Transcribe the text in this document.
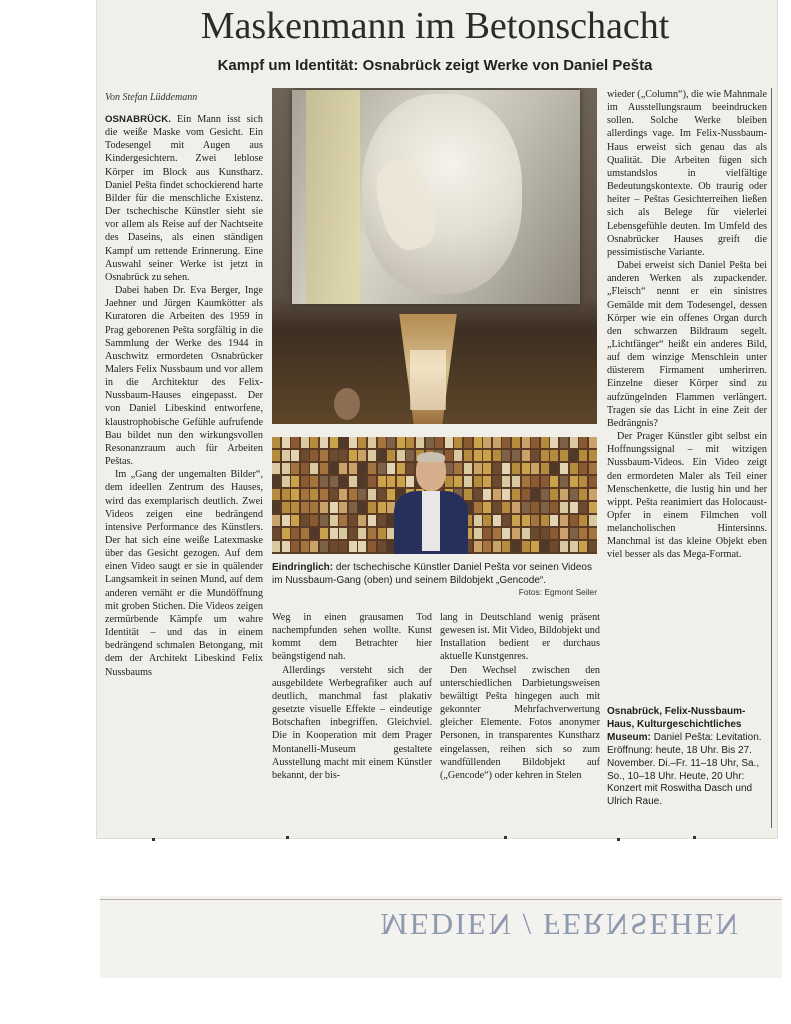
Maskenmann im Betonschacht
Kampf um Identität: Osnabrück zeigt Werke von Daniel Pešta
Von Stefan Lüddemann

OSNABRÜCK. Ein Mann isst sich die weiße Maske vom Gesicht. Ein Todesengel mit Augen aus Kindergesichtern. Zwei leblose Körper im Block aus Kunstharz. Daniel Pešta findet schockierend harte Bilder für die menschliche Existenz. Der tschechische Künstler sieht sie vor allem als Reise auf der Nachtseite des Daseins, als einen ständigen Kampf um rettende Erinnerung. Eine Auswahl seiner Werke ist jetzt in Osnabrück zu sehen.

Dabei haben Dr. Eva Berger, Inge Jaehner und Jürgen Kaumkötter als Kuratoren die Arbeiten des 1959 in Prag geborenen Pešta sorgfältig in die Sammlung der Werke des 1944 in Auschwitz ermordeten Osnabrücker Malers Felix Nussbaum und vor allem in die Architektur des Felix-Nussbaum-Hauses eingepasst. Der von Daniel Libeskind entworfene, klaustrophobische Gefühle aufrufende Bau bildet nun den wirkungsvollen Resonanzraum auch für Arbeiten Peštas.

Im „Gang der ungemalten Bilder“, dem ideellen Zentrum des Hauses, wird das exemplarisch deutlich. Zwei Videos zeigen eine bedrängend intensive Performance des Künstlers. Der hat sich eine weiße Latexmaske über das Gesicht gezogen. Auf dem einen Video saugt er sie in quälender Langsamkeit in seinen Mund, auf dem anderen vernäht er die Mundöffnung mit groben Stichen. Die Videos zeigen zermürbende Kämpfe um wahre Identität – und das in einem bedrängend schmalen Betongang, mit dem der Architekt Libeskind Felix Nussbaums

Eindringlich: der tschechische Künstler Daniel Pešta vor seinen Videos im Nussbaum-Gang (oben) und seinem Bildobjekt „Gencode“.
Fotos: Egmont Seiler

Weg in einen grausamen Tod nachempfunden sehen wollte. Kunst kommt dem Betrachter hier beängstigend nah.

Allerdings versteht sich der ausgebildete Werbegrafiker auch auf deutlich, manchmal fast plakativ gesetzte visuelle Effekte – eindeutige Botschaften inbegriffen. Gleichviel. Die in Kooperation mit dem Prager Montanelli-Museum gestaltete Ausstellung macht mit einem Künstler bekannt, der bis-

lang in Deutschland wenig präsent gewesen ist. Mit Video, Bildobjekt und Installation bedient er durchaus aktuelle Kunstgenres.

Den Wechsel zwischen den unterschiedlichen Darbietungsweisen bewältigt Pešta hingegen auch mit gekonnter Mehrfachverwertung gleicher Elemente. Fotos anonymer Personen, in transparentes Kunstharz eingelassen, reihen sich so zum wandfüllenden Bildobjekt auf („Gencode“) oder kehren in Stelen

wieder („Column“), die wie Mahnmale im Ausstellungsraum beeindrucken sollen. Solche Werke bleiben allerdings vage. Im Felix-Nussbaum-Haus erweist sich genau das als Qualität. Die Arbeiten fügen sich umstandslos in vielfältige Bedeutungskontexte. Ob traurig oder heiter – Peštas Gesichterreihen ließen sich als Belege für vielerlei Lebensgefühle deuten. Im Umfeld des Osnabrücker Hauses greift die pessimistische Variante.

Dabei erweist sich Daniel Pešta bei anderen Werken als zupackender. „Fleisch“ nennt er ein sinistres Gemälde mit dem Todesengel, dessen Körper wie ein offenes Organ durch den schwarzen Bildraum segelt. „Lichtfänger“ heißt ein anderes Bild, auf dem winzige Menschlein unter düsterem Firmament umherirren. Einzelne dieser Körper sind zu aufzüngelnden Flammen verlängert. Tragen sie das Licht in eine Zeit der Bedrängnis?

Der Prager Künstler gibt selbst ein Hoffnungssignal – mit witzigen Nussbaum-Videos. Ein Video zeigt den ermordeten Maler als Teil einer Menschenkette, die lustig hin und her wippt. Pešta reanimiert das Holocaust-Opfer in einem Filmchen voll melancholischen Hintersinns. Manchmal ist das kleine Objekt eben viel besser als das Mega-Format.

Osnabrück, Felix-Nussbaum-Haus, Kulturgeschichtliches Museum: Daniel Pešta: Levitation. Eröffnung: heute, 18 Uhr. Bis 27. November. Di.–Fr. 11–18 Uhr, Sa., So., 10–18 Uhr. Heute, 20 Uhr: Konzert mit Roswitha Dasch und Ulrich Raue.
MEDIEN / FERNSEHEN
